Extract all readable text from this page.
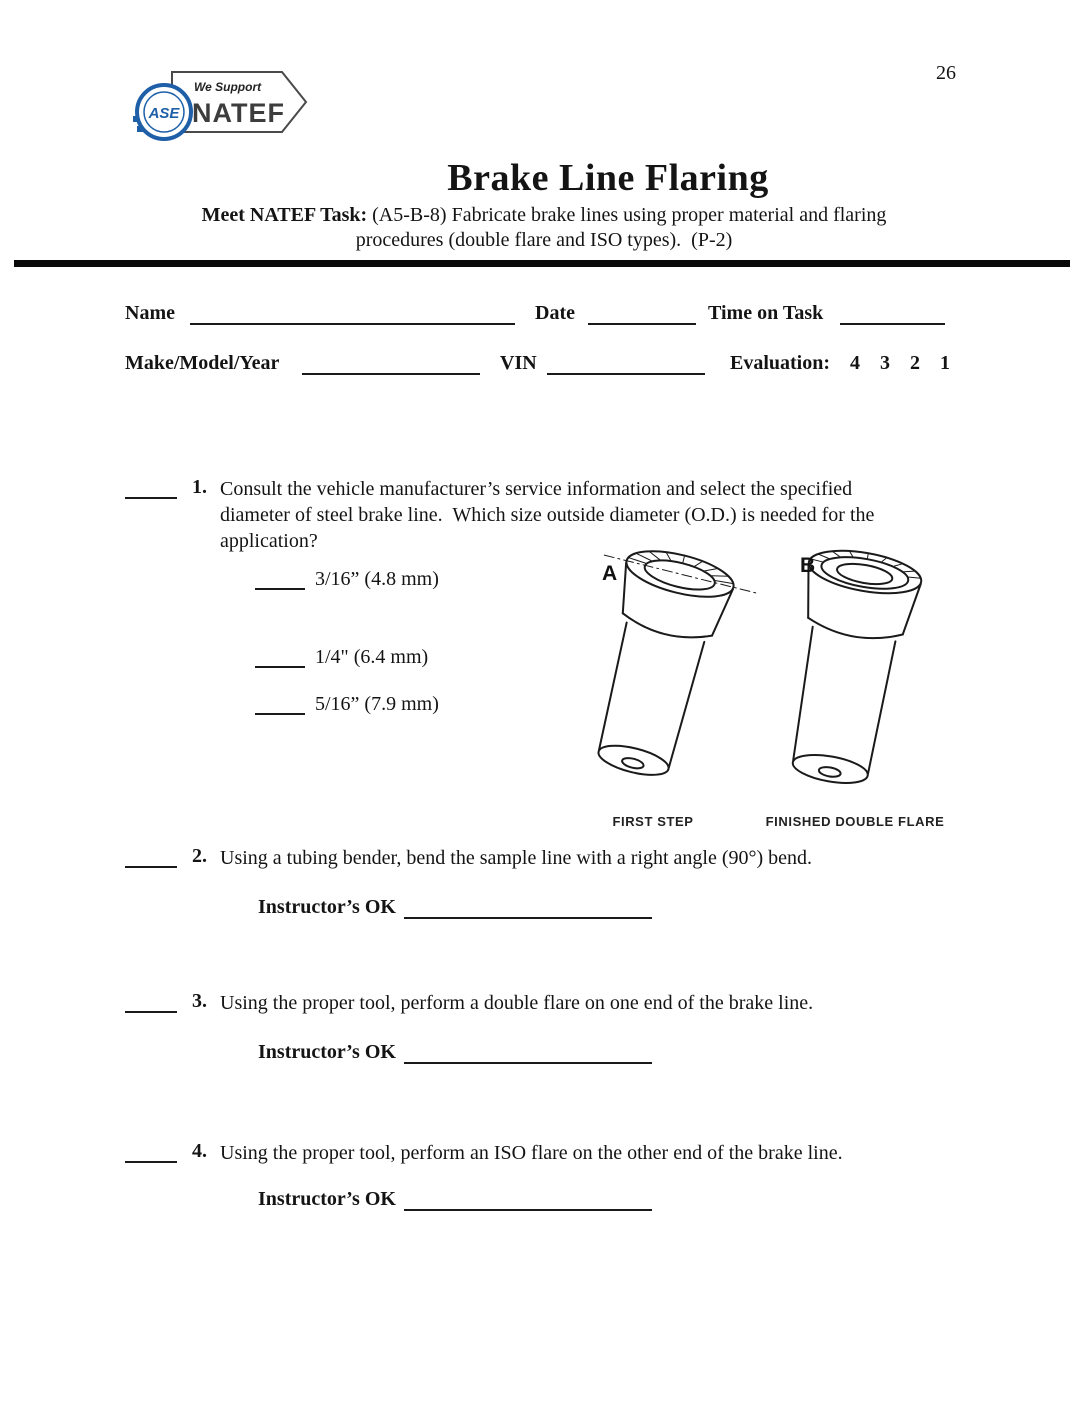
26
We Support
NATEF
ASE
Brake Line Flaring
Meet NATEF Task: (A5-B-8) Fabricate brake lines using proper material and flaring
procedures (double flare and ISO types).  (P-2)
Name	Date	Time on Task
Make/Model/Year	VIN	Evaluation: 4    3    2    1
1. Consult the vehicle manufacturer’s service information and select the specified diameter of steel brake line.  Which size outside diameter (O.D.) is needed for the application?
3/16” (4.8 mm)
1/4" (6.4 mm)
5/16” (7.9 mm)
A	B
FIRST STEP	FINISHED DOUBLE FLARE
2. Using a tubing bender, bend the sample line with a right angle (90°) bend.
Instructor’s OK
3. Using the proper tool, perform a double flare on one end of the brake line.
Instructor’s OK
4. Using the proper tool, perform an ISO flare on the other end of the brake line.
Instructor’s OK
